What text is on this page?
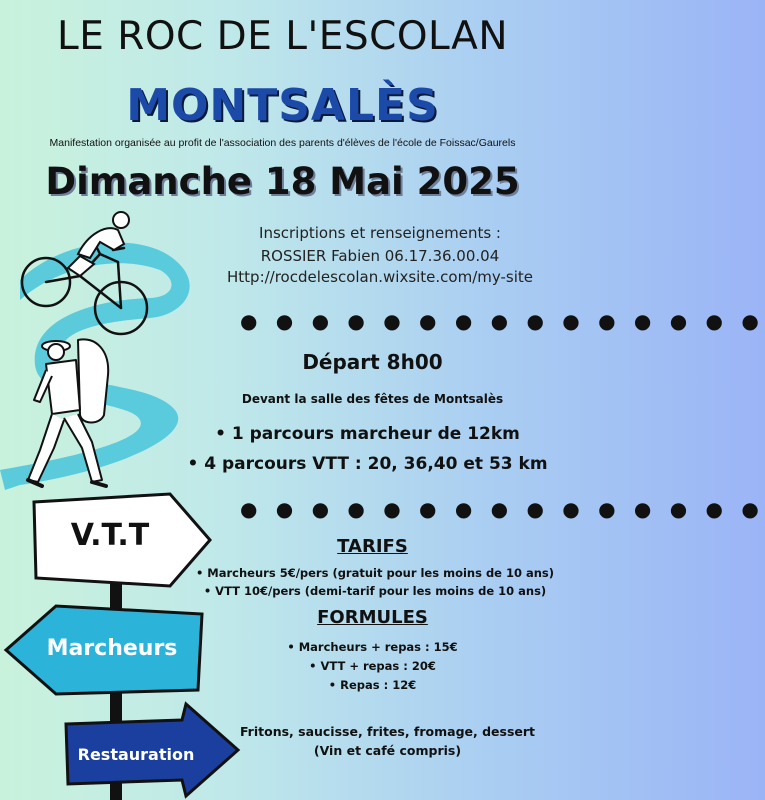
V.T.T
Marcheurs
Restauration
LE ROC DE L'ESCOLAN
MONTSALÈS
Manifestation organisée au profit de l'association des parents d'élèves de l'école de Foissac/Gaurels
Dimanche 18 Mai 2025
Inscriptions et renseignements :
ROSSIER Fabien 06.17.36.00.04
Http://rocdelescolan.wixsite.com/my-site
● ● ● ● ● ● ● ● ● ● ● ● ● ● ●
Départ 8h00
Devant la salle des fêtes de Montsalès
• 1 parcours marcheur de 12km
• 4 parcours VTT : 20, 36,40 et 53 km
● ● ● ● ● ● ● ● ● ● ● ● ● ● ●
TARIFS
• Marcheurs 5€/pers (gratuit pour les moins de 10 ans)
• VTT 10€/pers (demi-tarif pour les moins de 10 ans)
FORMULES
• Marcheurs + repas : 15€
• VTT + repas : 20€
• Repas : 12€
Fritons, saucisse, frites, fromage, dessert
(Vin et café compris)
